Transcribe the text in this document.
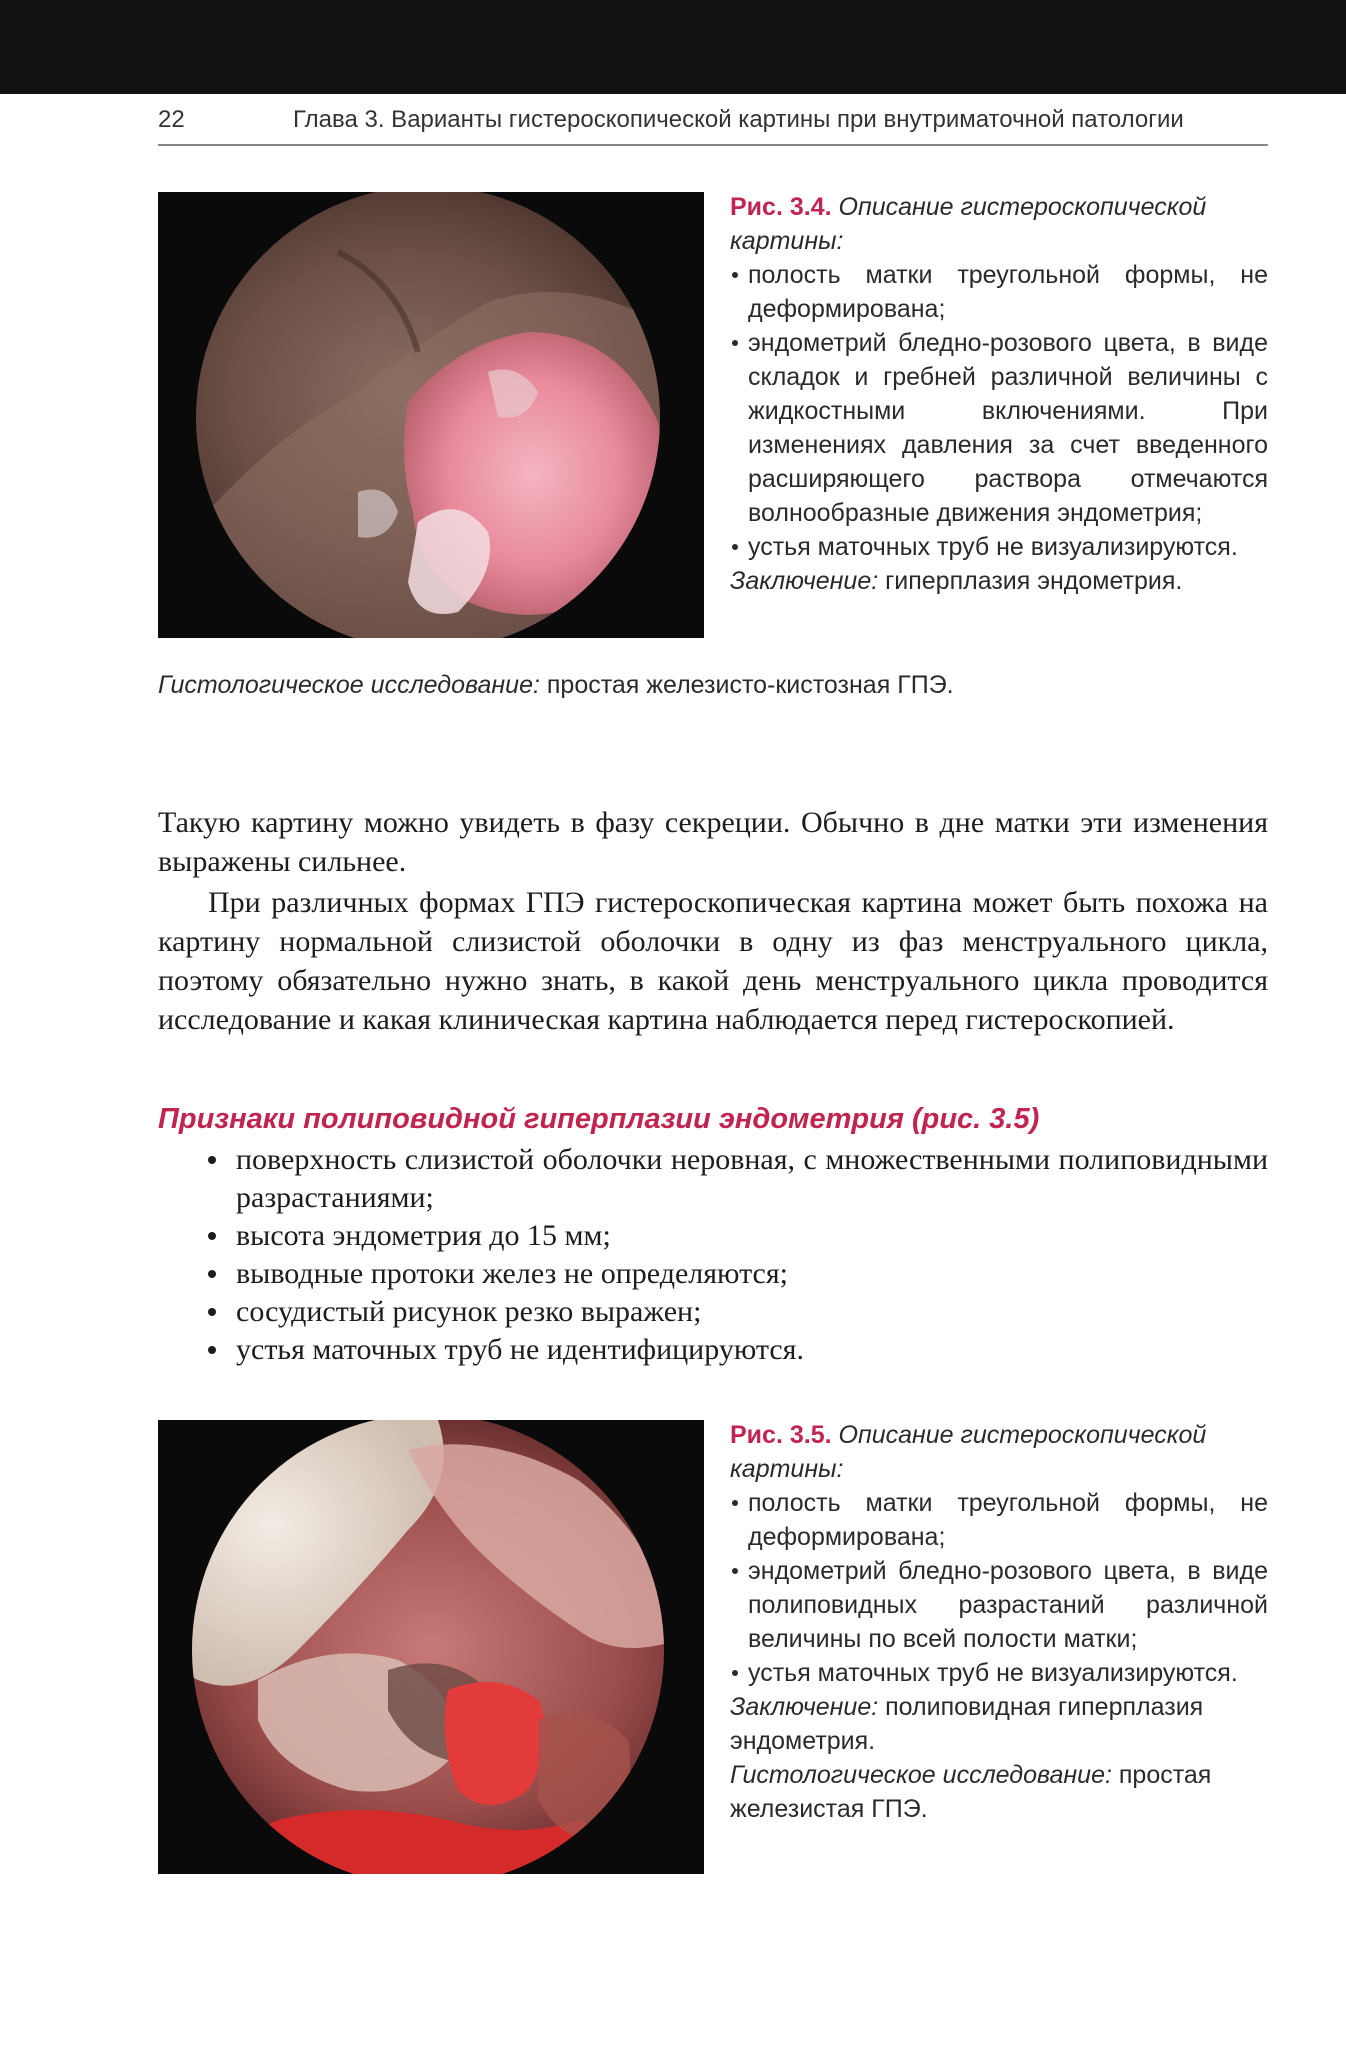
22	Глава 3. Варианты гистероскопической картины при внутриматочной патологии

Рис. 3.4. Описание гистероскопической картины:

полость матки треугольной формы, не деформирована;
эндометрий бледно-розового цвета, в виде складок и гребней различной величины с жидкостными включениями. При изменениях давления за счет введенного расширяющего раствора отмечаются волнообразные движения эндометрия;
устья маточных труб не визуализируются.

Заключение: гиперплазия эндометрия.

Гистологическое исследование: простая железисто-кистозная ГПЭ.

Такую картину можно увидеть в фазу секреции. Обычно в дне матки эти изменения выражены сильнее.

При различных формах ГПЭ гистероскопическая картина может быть похожа на картину нормальной слизистой оболочки в одну из фаз менструального цикла, поэтому обязательно нужно знать, в какой день менструального цикла проводится исследование и какая клиническая картина наблюдается перед гистероскопией.

Признаки полиповидной гиперплазии эндометрия (рис. 3.5)
поверхность слизистой оболочки неровная, с множественными полиповидными разрастаниями;
высота эндометрия до 15 мм;
выводные протоки желез не определяются;
сосудистый рисунок резко выражен;
устья маточных труб не идентифицируются.

Рис. 3.5. Описание гистероскопической картины:

полость матки треугольной формы, не деформирована;
эндометрий бледно-розового цвета, в виде полиповидных разрастаний различной величины по всей полости матки;
устья маточных труб не визуализируются.

Заключение: полиповидная гиперплазия эндометрия.

Гистологическое исследование: простая железистая ГПЭ.
